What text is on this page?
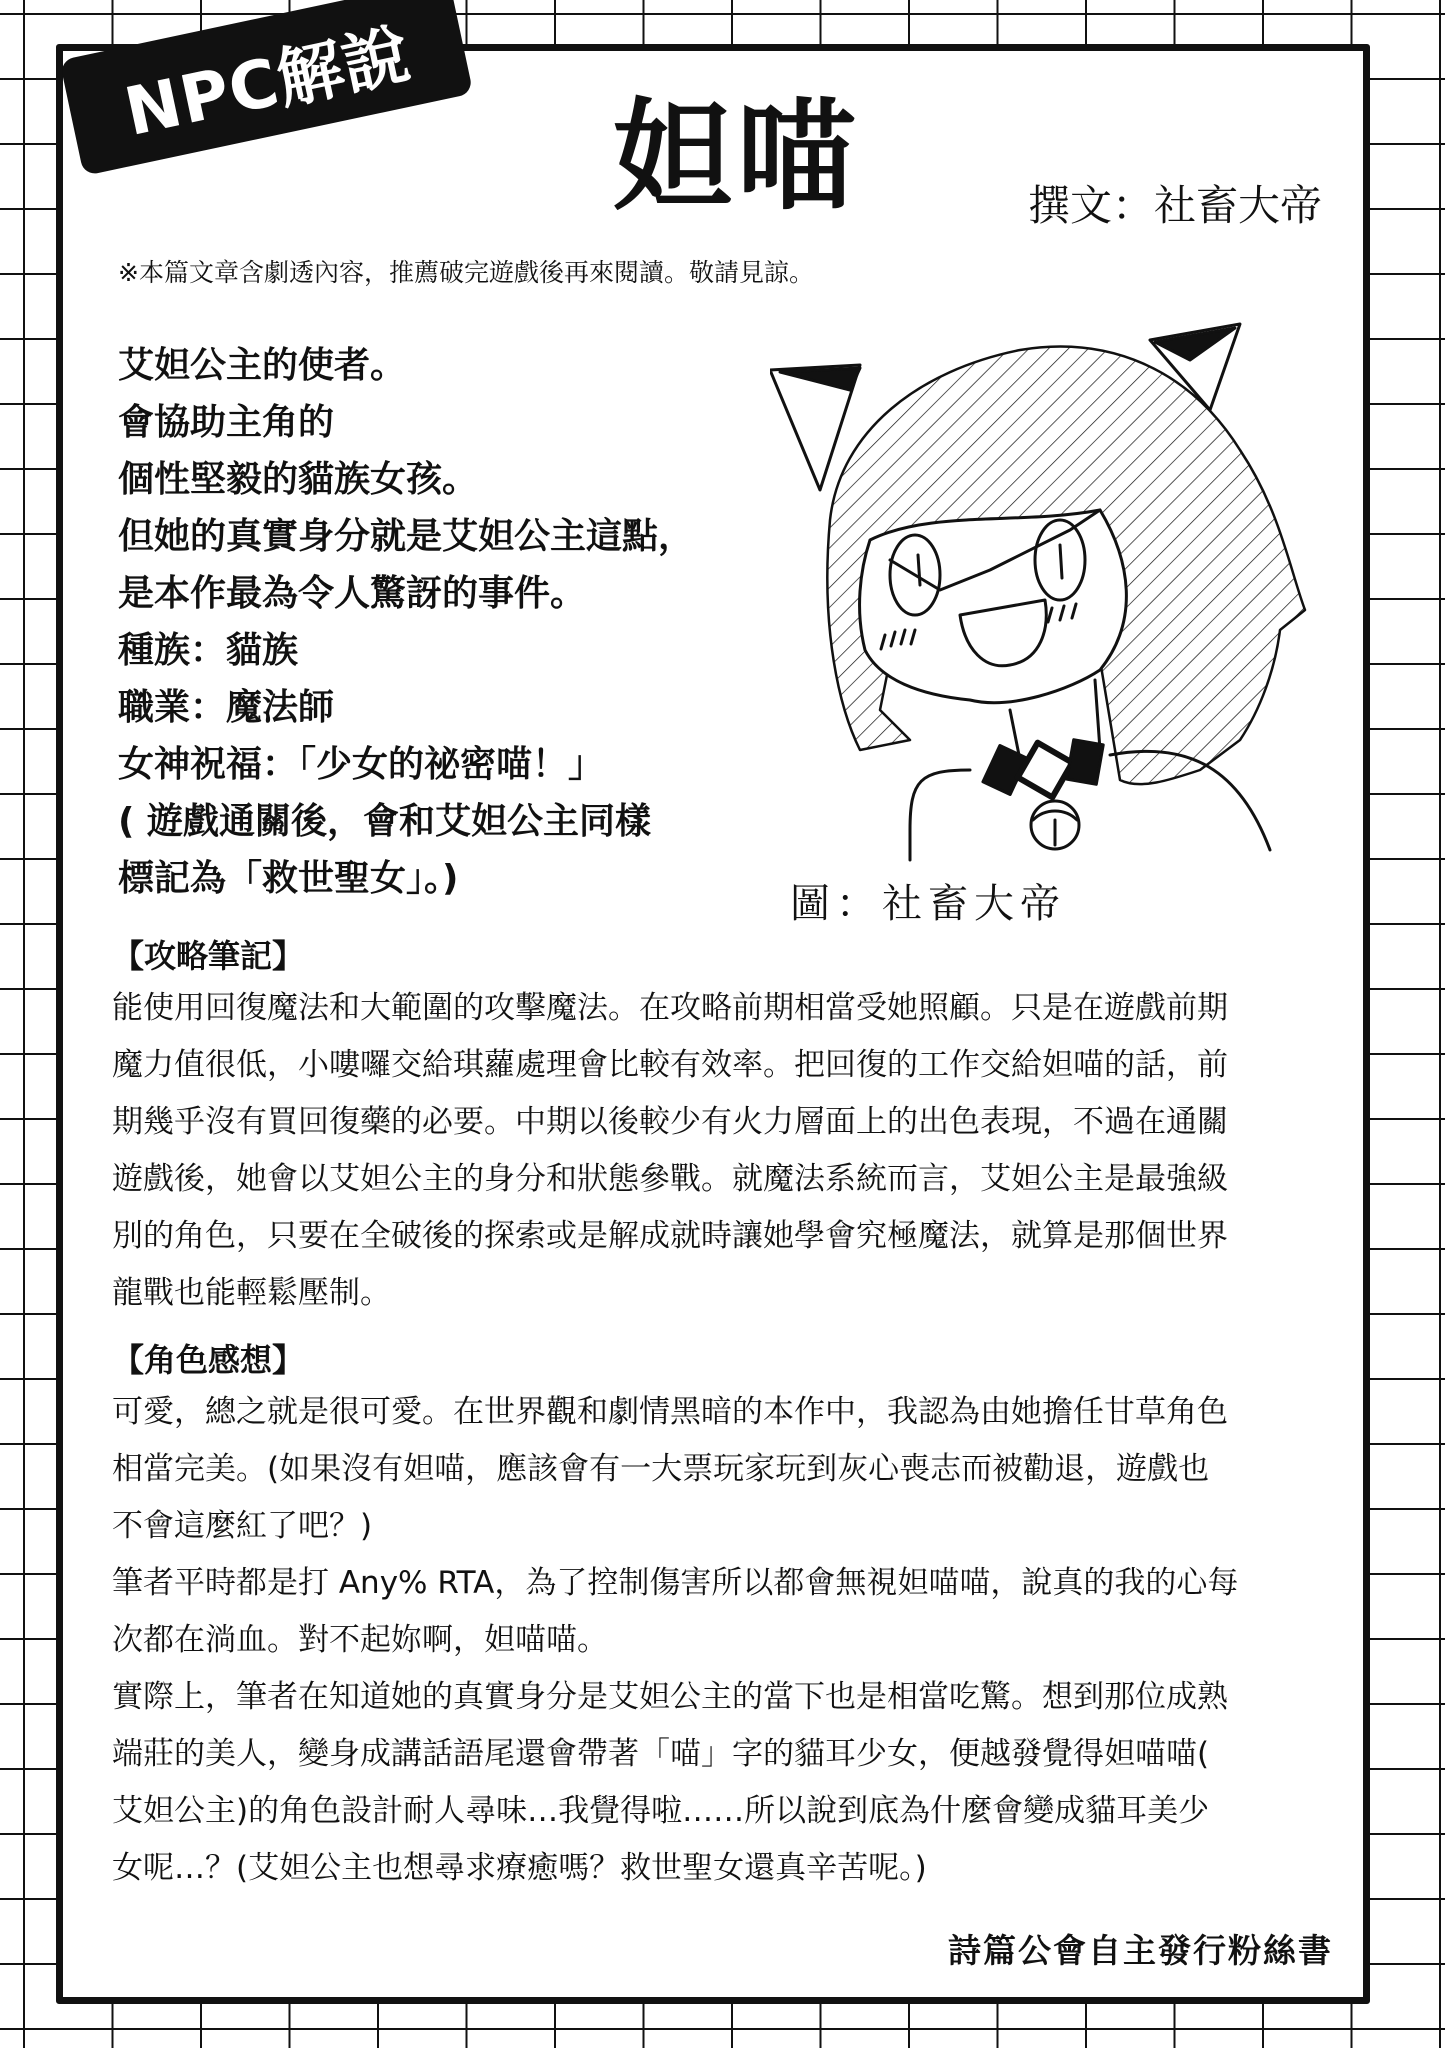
NPC解說
妲喵	撰文：社畜大帝
※本篇文章含劇透內容，推薦破完遊戲後再來閱讀。敬請見諒。
艾妲公主的使者。
會協助主角的
個性堅毅的貓族女孩。
但她的真實身分就是艾妲公主這點，
是本作最為令人驚訝的事件。
種族：貓族
職業：魔法師
女神祝福：「少女的祕密喵！」
( 遊戲通關後，會和艾妲公主同樣
標記為「救世聖女」。)
圖：社畜大帝
【攻略筆記】
能使用回復魔法和大範圍的攻擊魔法。在攻略前期相當受她照顧。只是在遊戲前期
魔力值很低，小嘍囉交給琪蘿處理會比較有效率。把回復的工作交給妲喵的話，前
期幾乎沒有買回復藥的必要。中期以後較少有火力層面上的出色表現，不過在通關
遊戲後，她會以艾妲公主的身分和狀態參戰。就魔法系統而言，艾妲公主是最強級
別的角色，只要在全破後的探索或是解成就時讓她學會究極魔法，就算是那個世界
龍戰也能輕鬆壓制。
【角色感想】
可愛，總之就是很可愛。在世界觀和劇情黑暗的本作中，我認為由她擔任甘草角色
相當完美。(如果沒有妲喵，應該會有一大票玩家玩到灰心喪志而被勸退，遊戲也
不會這麼紅了吧？)
筆者平時都是打 Any% RTA，為了控制傷害所以都會無視妲喵喵，說真的我的心每
次都在淌血。對不起妳啊，妲喵喵。
實際上，筆者在知道她的真實身分是艾妲公主的當下也是相當吃驚。想到那位成熟
端莊的美人，變身成講話語尾還會帶著「喵」字的貓耳少女，便越發覺得妲喵喵(
艾妲公主)的角色設計耐人尋味…我覺得啦……所以說到底為什麼會變成貓耳美少
女呢…？(艾妲公主也想尋求療癒嗎？救世聖女還真辛苦呢。)
詩篇公會自主發行粉絲書
